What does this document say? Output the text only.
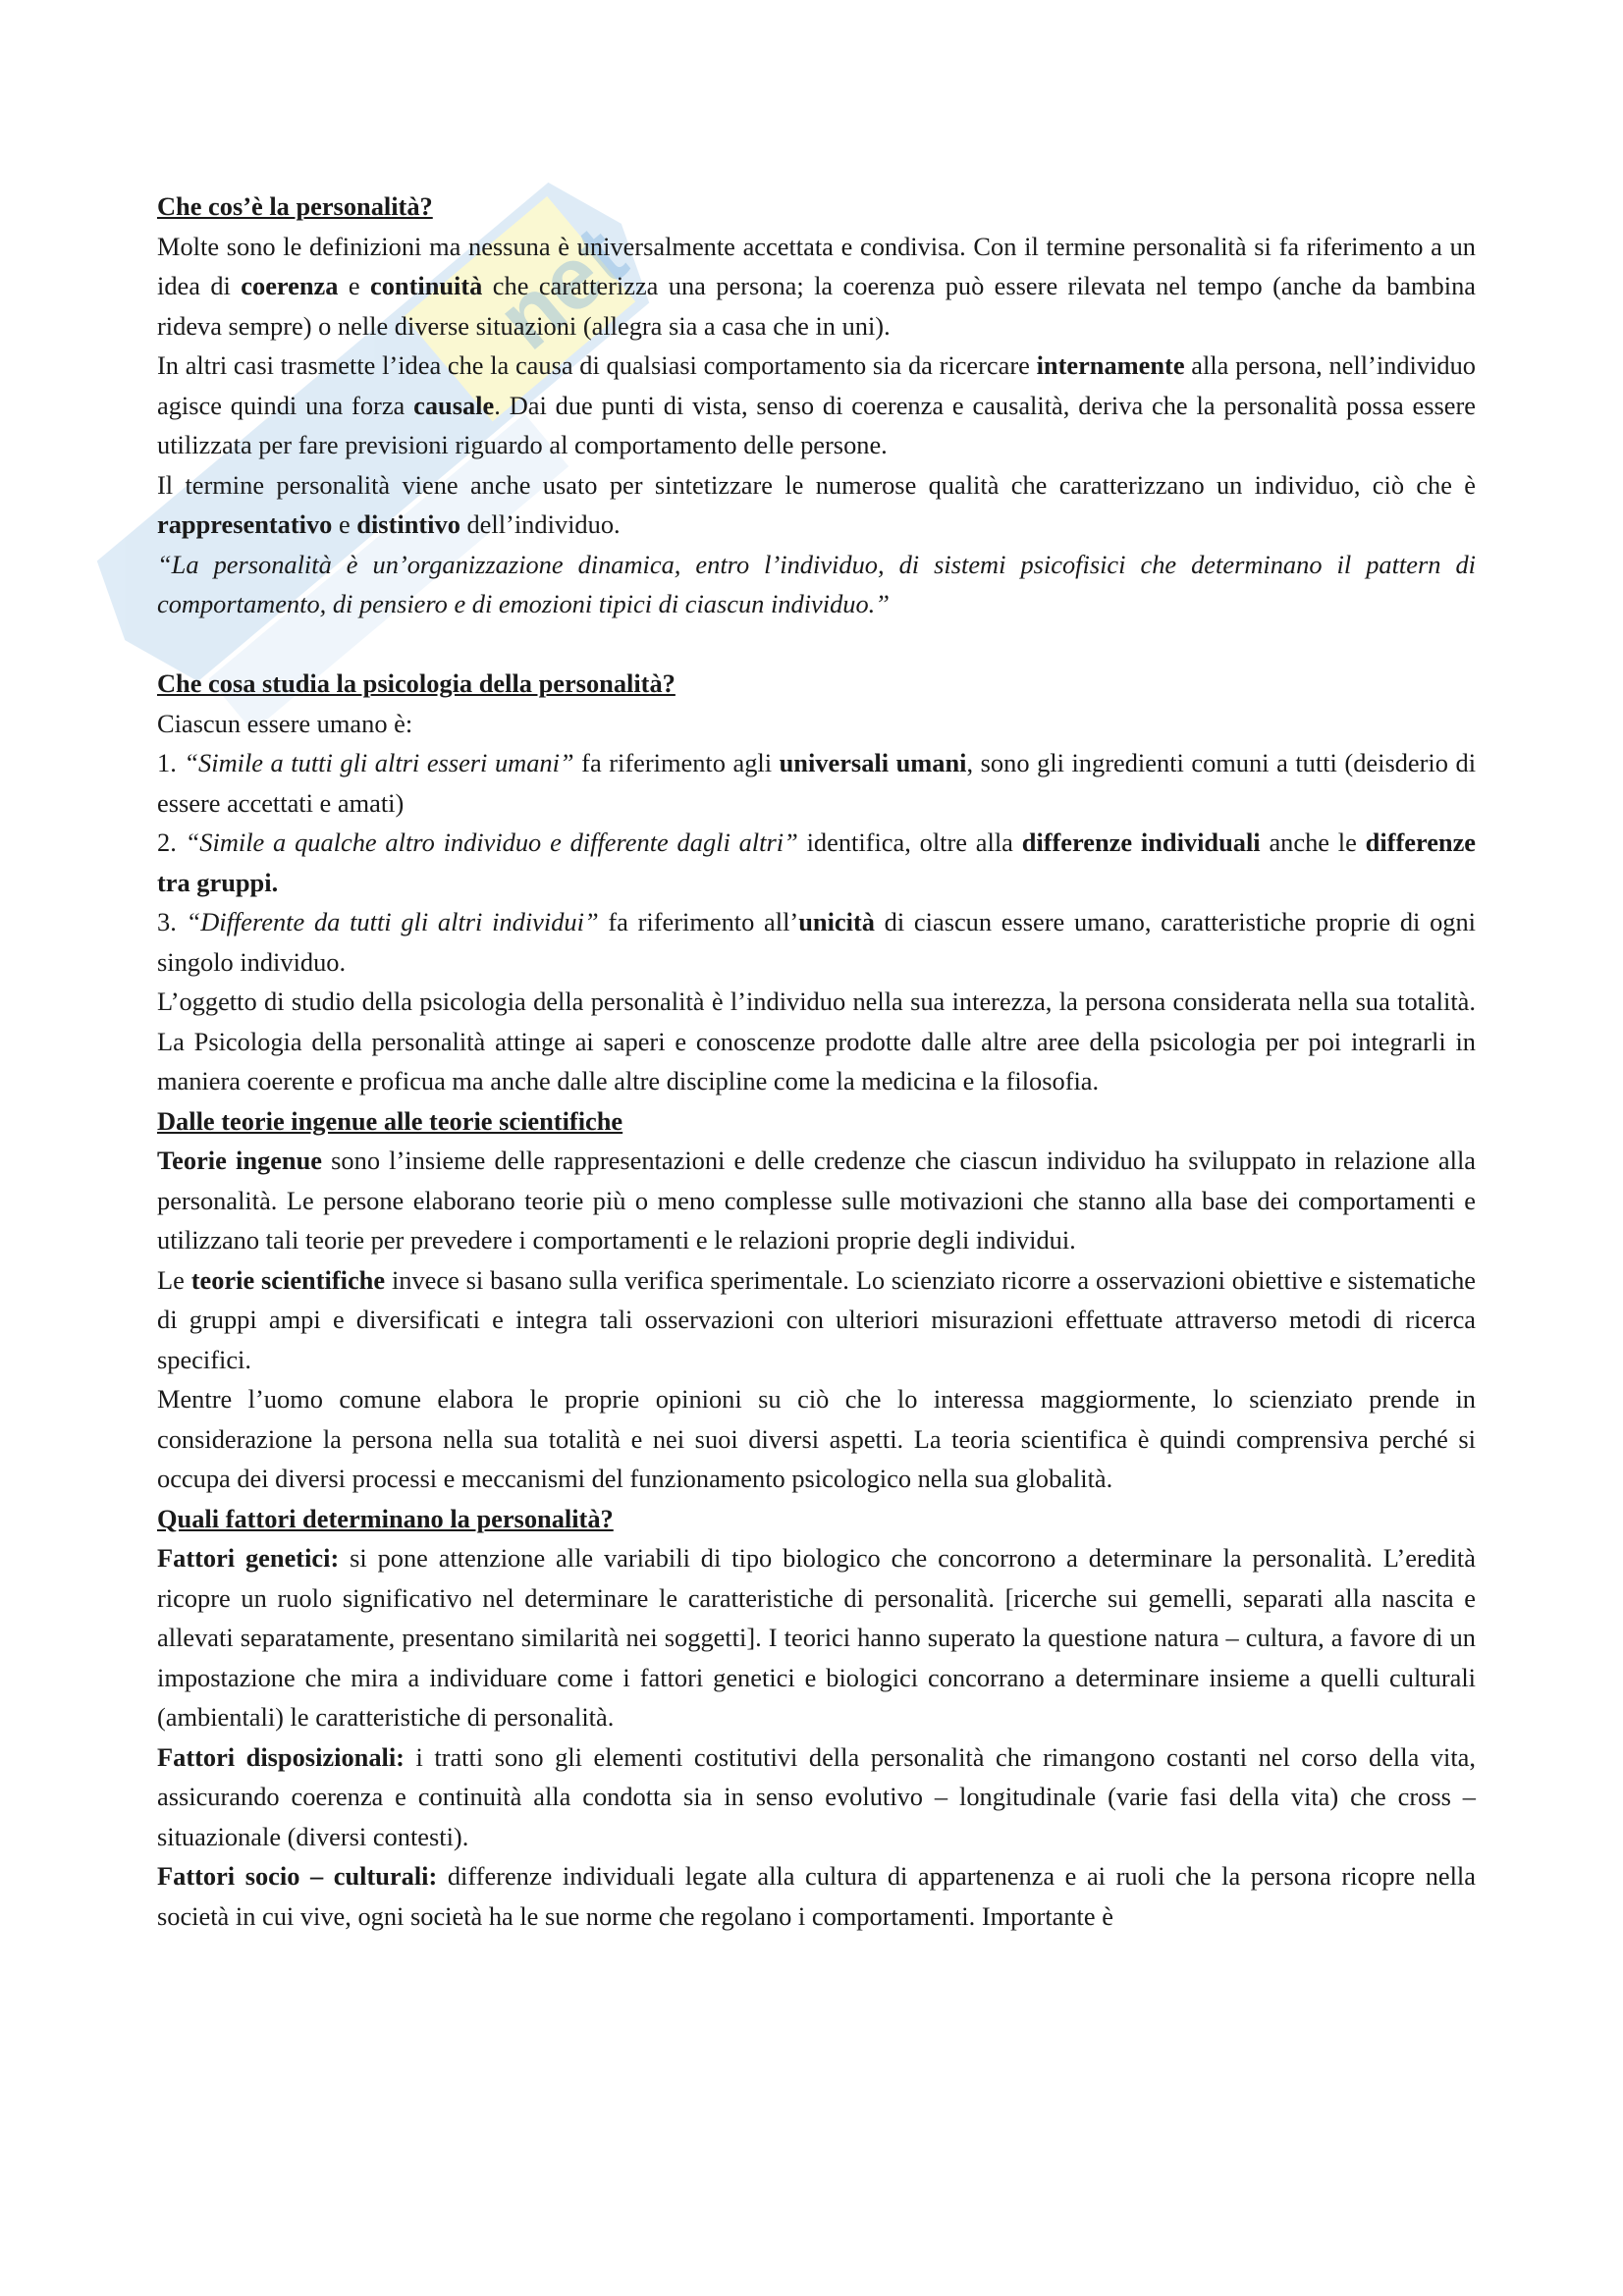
net

Che cos’è la personalità?

Molte sono le definizioni ma nessuna è universalmente accettata e condivisa. Con il termine personalità si fa riferimento a un idea di coerenza e continuità che caratterizza una persona; la coerenza può essere rilevata nel tempo (anche da bambina rideva sempre) o nelle diverse situazioni (allegra sia a casa che in uni).

In altri casi trasmette l’idea che la causa di qualsiasi comportamento sia da ricercare internamente alla persona, nell’individuo agisce quindi una forza causale. Dai due punti di vista, senso di coerenza e causalità, deriva che la personalità possa essere utilizzata per fare previsioni riguardo al comportamento delle persone.

Il termine personalità viene anche usato per sintetizzare le numerose qualità che caratterizzano un individuo, ciò che è rappresentativo e distintivo dell’individuo.

“La personalità è un’organizzazione dinamica, entro l’individuo, di sistemi psicofisici che determinano il pattern di comportamento, di pensiero e di emozioni tipici di ciascun individuo.”

Che cosa studia la psicologia della personalità?

Ciascun essere umano è:

1. “Simile a tutti gli altri esseri umani” fa riferimento agli universali umani, sono gli ingredienti comuni a tutti (deisderio di essere accettati e amati)

2. “Simile a qualche altro individuo e differente dagli altri” identifica, oltre alla differenze individuali anche le differenze tra gruppi.

3. “Differente da tutti gli altri individui” fa riferimento all’unicità di ciascun essere umano, caratteristiche proprie di ogni singolo individuo.

L’oggetto di studio della psicologia della personalità è l’individuo nella sua interezza, la persona considerata nella sua totalità. La Psicologia della personalità attinge ai saperi e conoscenze prodotte dalle altre aree della psicologia per poi integrarli in maniera coerente e proficua ma anche dalle altre discipline come la medicina e la filosofia.

Dalle teorie ingenue alle teorie scientifiche

Teorie ingenue sono l’insieme delle rappresentazioni e delle credenze che ciascun individuo ha sviluppato in relazione alla personalità. Le persone elaborano teorie più o meno complesse sulle motivazioni che stanno alla base dei comportamenti e utilizzano tali teorie per prevedere i comportamenti e le relazioni proprie degli individui.

Le teorie scientifiche invece si basano sulla verifica sperimentale. Lo scienziato ricorre a osservazioni obiettive e sistematiche di gruppi ampi e diversificati e integra tali osservazioni con ulteriori misurazioni effettuate attraverso metodi di ricerca specifici.

Mentre l’uomo comune elabora le proprie opinioni su ciò che lo interessa maggiormente, lo scienziato prende in considerazione la persona nella sua totalità e nei suoi diversi aspetti. La teoria scientifica è quindi comprensiva perché si occupa dei diversi processi e meccanismi del funzionamento psicologico nella sua globalità.

Quali fattori determinano la personalità?

Fattori genetici: si pone attenzione alle variabili di tipo biologico che concorrono a determinare la personalità. L’eredità ricopre un ruolo significativo nel determinare le caratteristiche di personalità. [ricerche sui gemelli, separati alla nascita e allevati separatamente, presentano similarità nei soggetti]. I teorici hanno superato la questione natura – cultura, a favore di un impostazione che mira a individuare come i fattori genetici e biologici concorrano a determinare insieme a quelli culturali (ambientali) le caratteristiche di personalità.

Fattori disposizionali: i tratti sono gli elementi costitutivi della personalità che rimangono costanti nel corso della vita, assicurando coerenza e continuità alla condotta sia in senso evolutivo – longitudinale (varie fasi della vita) che cross – situazionale (diversi contesti).

Fattori socio – culturali: differenze individuali legate alla cultura di appartenenza e ai ruoli che la persona ricopre nella società in cui vive, ogni società ha le sue norme che regolano i comportamenti. Importante è
